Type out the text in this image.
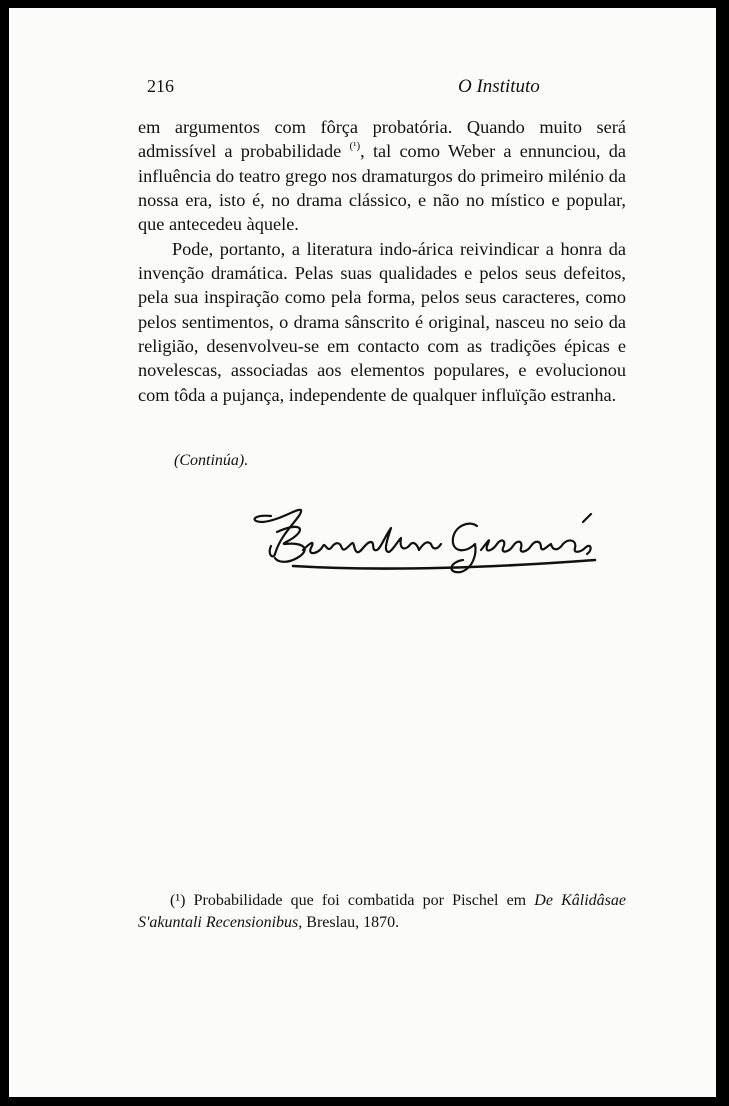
216	O Instituto

em argumentos com fôrça probatória. Quando muito será admissível a probabilidade $^{(^1)}$, tal como Weber a ennunciou, da influência do teatro grego nos dramaturgos do primeiro milénio da nossa era, isto é, no drama clássico, e não no místico e popular, que antecedeu àquele.

Pode, portanto, a literatura indo-árica reivindicar a honra da invenção dramática. Pelas suas qualidades e pelos seus defeitos, pela sua inspiração como pela forma, pelos seus caracteres, como pelos sentimentos, o drama sânscrito é original, nasceu no seio da religião, desenvolveu-se em contacto com as tradições épicas e novelescas, associadas aos elementos populares, e evolucionou com tôda a pujança, independente de qualquer influïção estranha.

(Continúa).

(¹) Probabilidade que foi combatida por Pischel em De Kâlidâsae S'akuntali Recensionibus, Breslau, 1870.
